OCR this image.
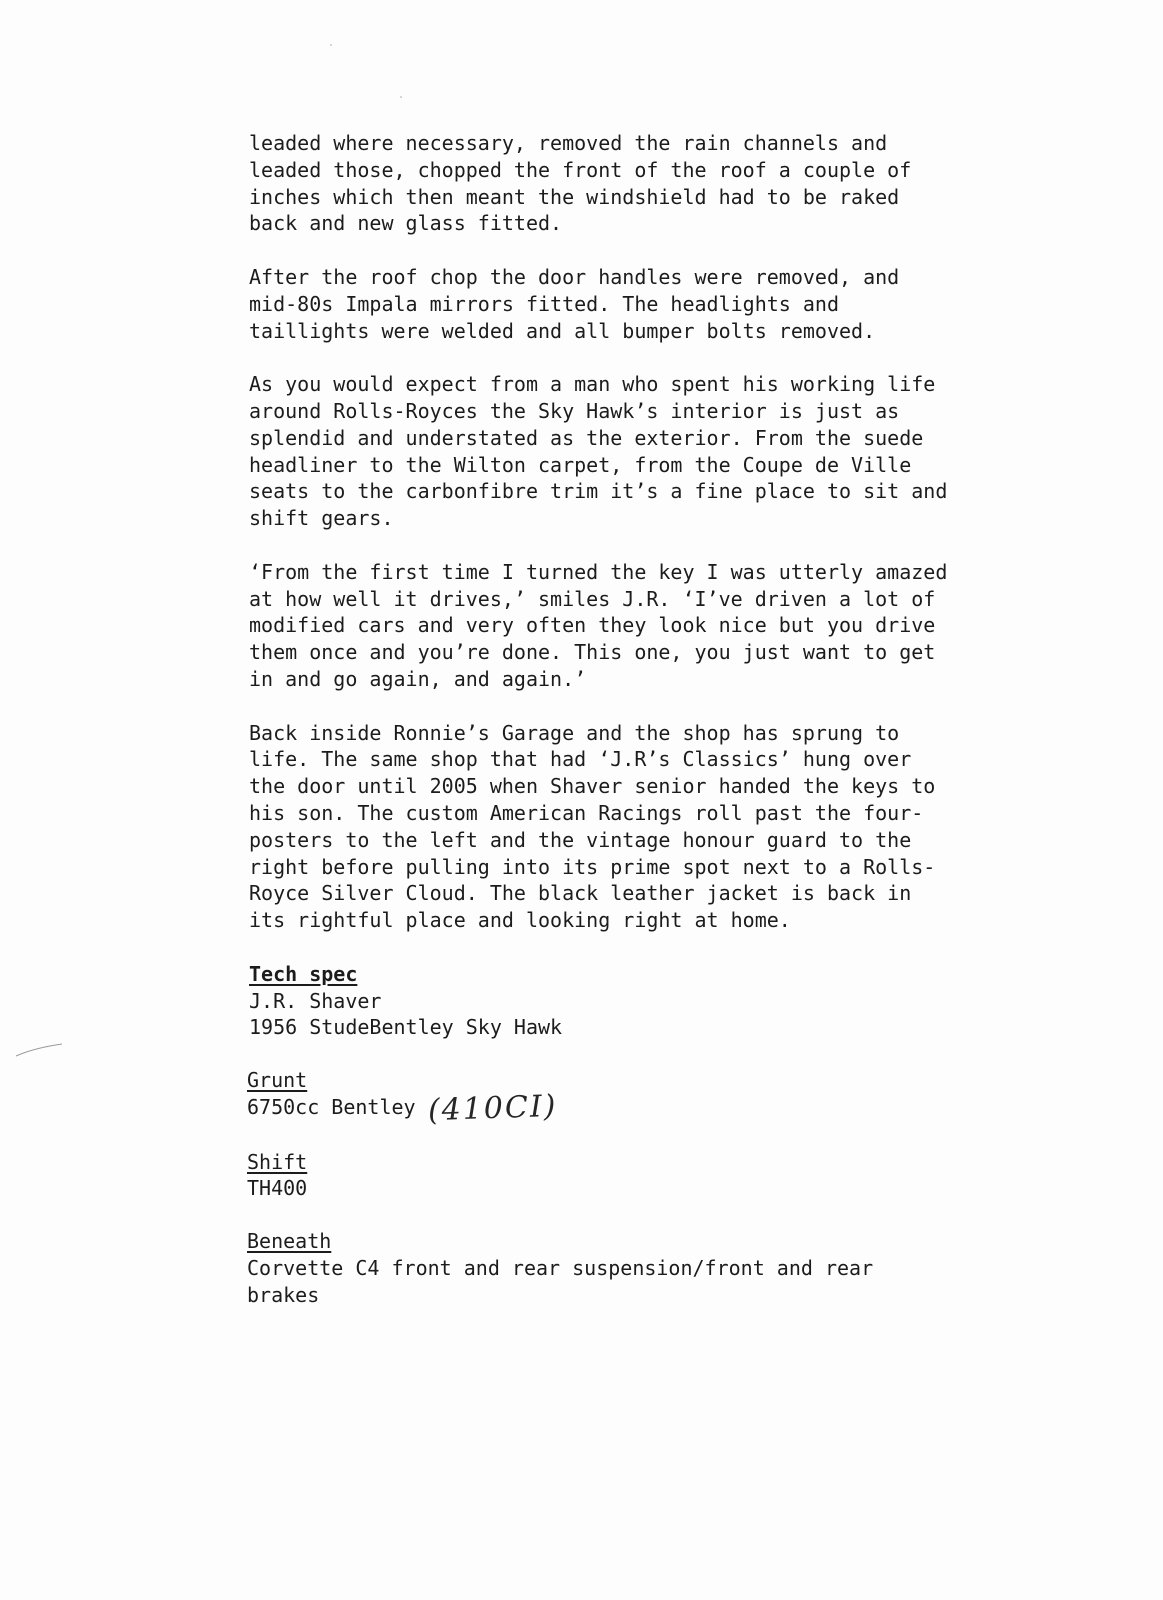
leaded where necessary, removed the rain channels and
leaded those, chopped the front of the roof a couple of
inches which then meant the windshield had to be raked
back and new glass fitted.
After the roof chop the door handles were removed, and
mid-80s Impala mirrors fitted. The headlights and
taillights were welded and all bumper bolts removed.
As you would expect from a man who spent his working life
around Rolls-Royces the Sky Hawk’s interior is just as
splendid and understated as the exterior. From the suede
headliner to the Wilton carpet, from the Coupe de Ville
seats to the carbonfibre trim it’s a fine place to sit and
shift gears.
‘From the first time I turned the key I was utterly amazed
at how well it drives,’ smiles J.R. ‘I’ve driven a lot of
modified cars and very often they look nice but you drive
them once and you’re done. This one, you just want to get
in and go again, and again.’
Back inside Ronnie’s Garage and the shop has sprung to
life. The same shop that had ‘J.R’s Classics’ hung over
the door until 2005 when Shaver senior handed the keys to
his son. The custom American Racings roll past the four-
posters to the left and the vintage honour guard to the
right before pulling into its prime spot next to a Rolls-
Royce Silver Cloud. The black leather jacket is back in
its rightful place and looking right at home.
Tech spec
J.R. Shaver
1956 StudeBentley Sky Hawk
Grunt
6750cc Bentley (410CI)
Shift
TH400
Beneath
Corvette C4 front and rear suspension/front and rear
brakes
